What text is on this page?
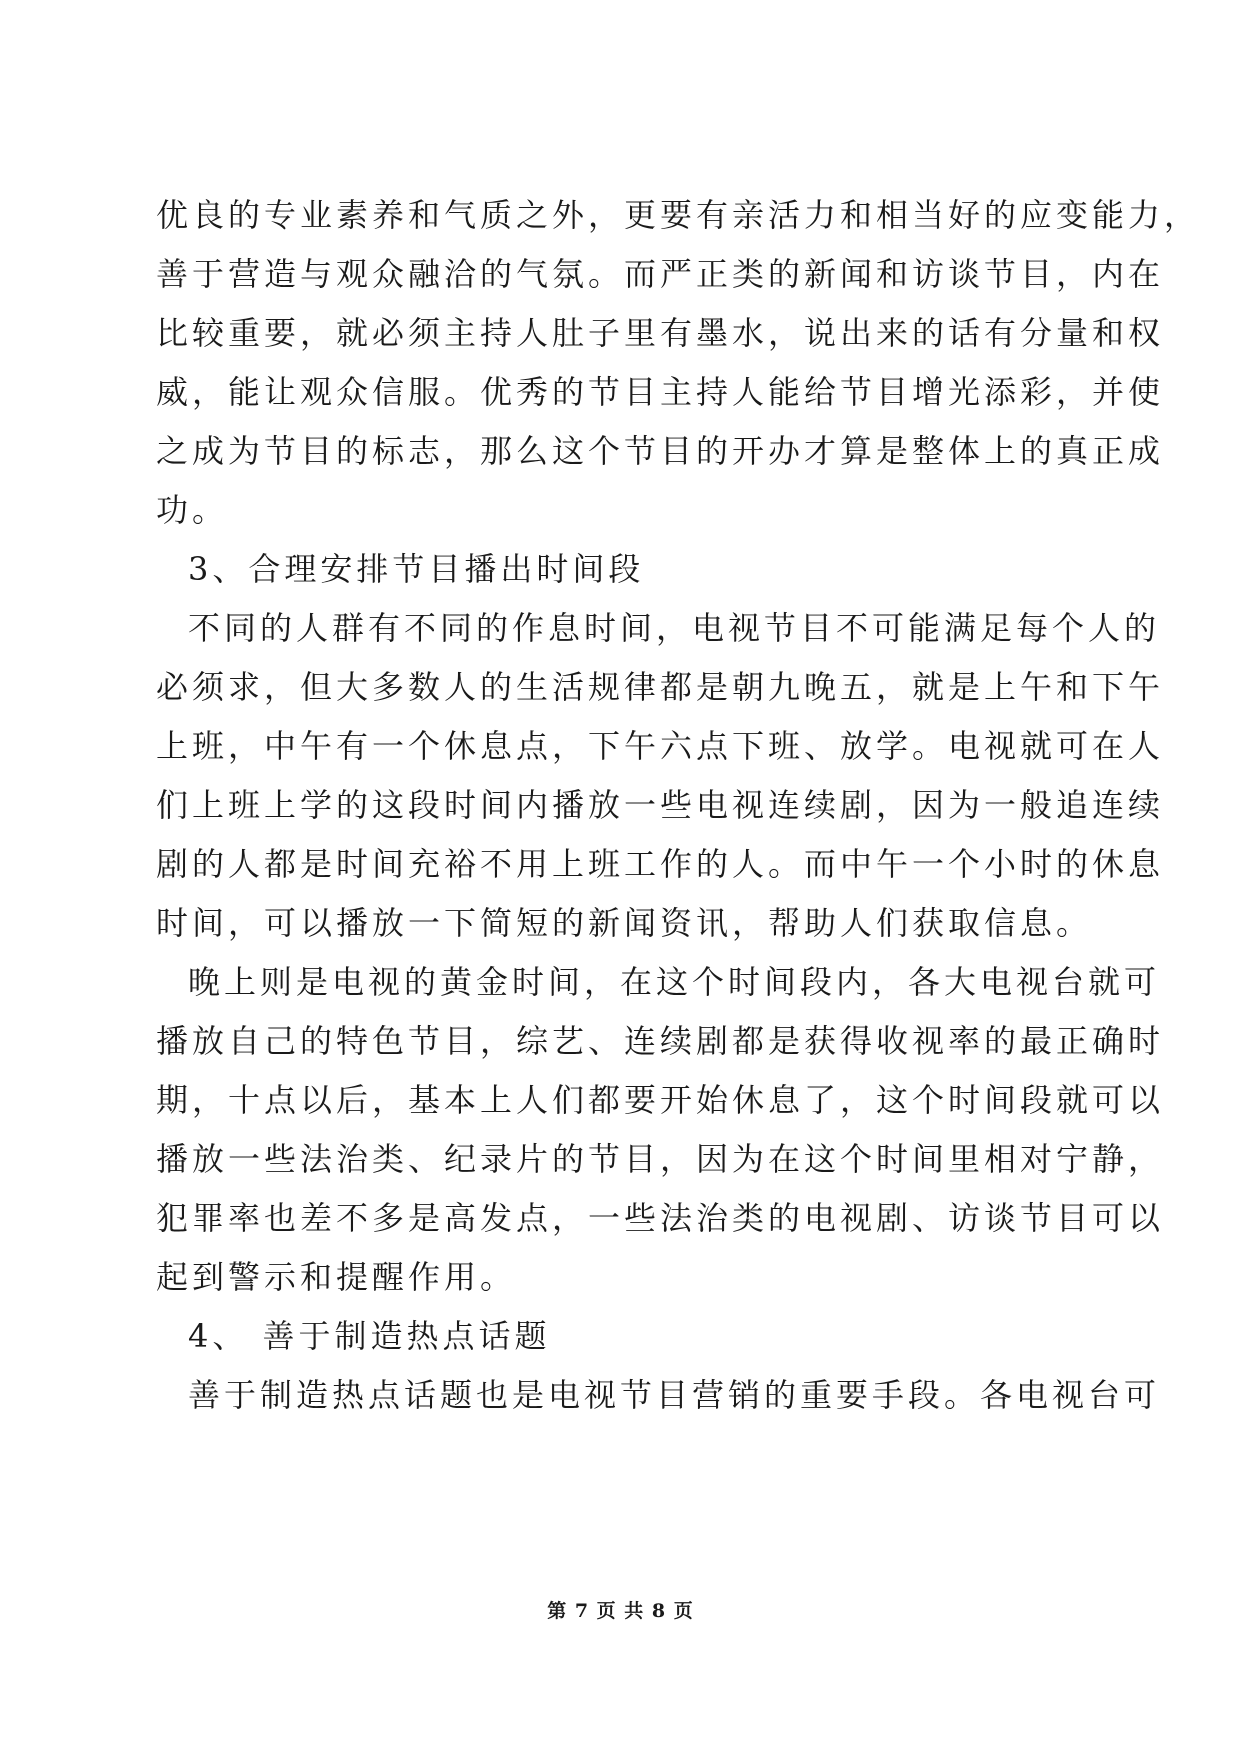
优良的专业素养和气质之外，更要有亲活力和相当好的应变能力，
善于营造与观众融洽的气氛。而严正类的新闻和访谈节目，内在
比较重要，就必须主持人肚子里有墨水，说出来的话有分量和权
威，能让观众信服。优秀的节目主持人能给节目增光添彩，并使
之成为节目的标志，那么这个节目的开办才算是整体上的真正成
功。
3、合理安排节目播出时间段
不同的人群有不同的作息时间，电视节目不可能满足每个人的
必须求，但大多数人的生活规律都是朝九晚五，就是上午和下午
上班，中午有一个休息点，下午六点下班、放学。电视就可在人
们上班上学的这段时间内播放一些电视连续剧，因为一般追连续
剧的人都是时间充裕不用上班工作的人。而中午一个小时的休息
时间，可以播放一下简短的新闻资讯，帮助人们获取信息。
晚上则是电视的黄金时间，在这个时间段内，各大电视台就可
播放自己的特色节目，综艺、连续剧都是获得收视率的最正确时
期，十点以后，基本上人们都要开始休息了，这个时间段就可以
播放一些法治类、纪录片的节目，因为在这个时间里相对宁静，
犯罪率也差不多是高发点，一些法治类的电视剧、访谈节目可以
起到警示和提醒作用。
4、 善于制造热点话题
善于制造热点话题也是电视节目营销的重要手段。各电视台可
第 7 页 共 8 页
